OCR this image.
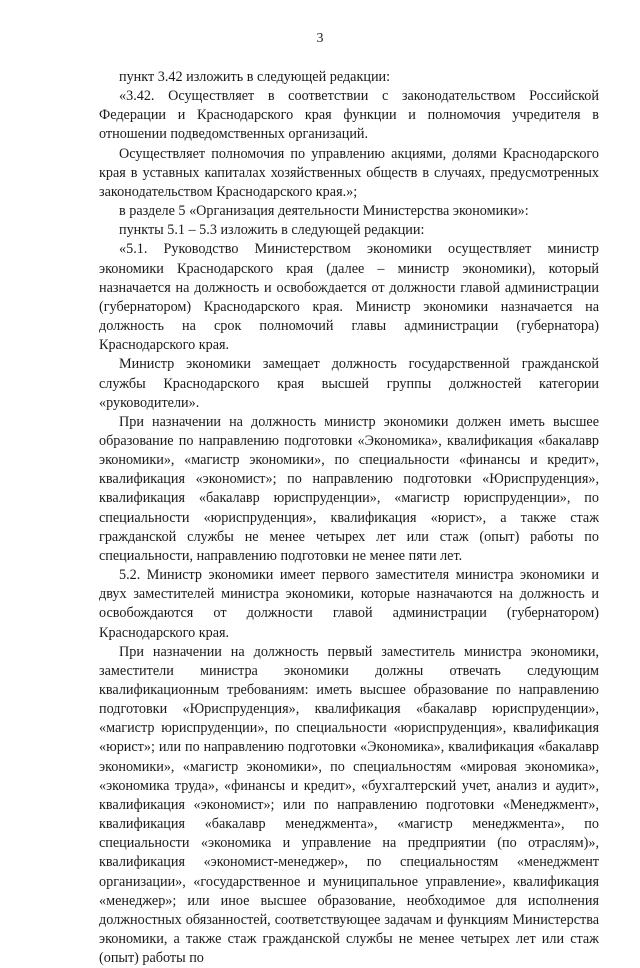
3

пункт 3.42 изложить в следующей редакции:

«3.42. Осуществляет в соответствии с законодательством Российской Федерации и Краснодарского края функции и полномочия учредителя в отношении подведомственных организаций.

Осуществляет полномочия по управлению акциями, долями Краснодарского края в уставных капиталах хозяйственных обществ в случаях, предусмотренных законодательством Краснодарского края.»;

в разделе 5 «Организация деятельности Министерства экономики»:

пункты 5.1 – 5.3 изложить в следующей редакции:

«5.1. Руководство Министерством экономики осуществляет министр экономики Краснодарского края (далее – министр экономики), который назначается на должность и освобождается от должности главой администрации (губернатором) Краснодарского края. Министр экономики назначается на должность на срок полномочий главы администрации (губернатора) Краснодарского края.

Министр экономики замещает должность государственной гражданской службы Краснодарского края высшей группы должностей категории «руководители».

При назначении на должность министр экономики должен иметь высшее образование по направлению подготовки «Экономика», квалификация «бакалавр экономики», «магистр экономики», по специальности «финансы и кредит», квалификация «экономист»; по направлению подготовки «Юриспруденция», квалификация «бакалавр юриспруденции», «магистр юриспруденции», по специальности «юриспруденция», квалификация «юрист», а также стаж гражданской службы не менее четырех лет или стаж (опыт) работы по специальности, направлению подготовки не менее пяти лет.

5.2. Министр экономики имеет первого заместителя министра экономики и двух заместителей министра экономики, которые назначаются на должность и освобождаются от должности главой администрации (губернатором) Краснодарского края.

При назначении на должность первый заместитель министра экономики, заместители министра экономики должны отвечать следующим квалификационным требованиям: иметь высшее образование по направлению подготовки «Юриспруденция», квалификация «бакалавр юриспруденции», «магистр юриспруденции», по специальности «юриспруденция», квалификация «юрист»; или по направлению подготовки «Экономика», квалификация «бакалавр экономики», «магистр экономики», по специальностям «мировая экономика», «экономика труда», «финансы и кредит», «бухгалтерский учет, анализ и аудит», квалификация «экономист»; или по направлению подготовки «Менеджмент», квалификация «бакалавр менеджмента», «магистр менеджмента», по специальности «экономика и управление на предприятии (по отраслям)», квалификация «экономист-менеджер», по специальностям «менеджмент организации», «государственное и муниципальное управление», квалификация «менеджер»; или иное высшее образование, необходимое для исполнения должностных обязанностей, соответствующее задачам и функциям Министерства экономики, а также стаж гражданской службы не менее четырех лет или стаж (опыт) работы по
